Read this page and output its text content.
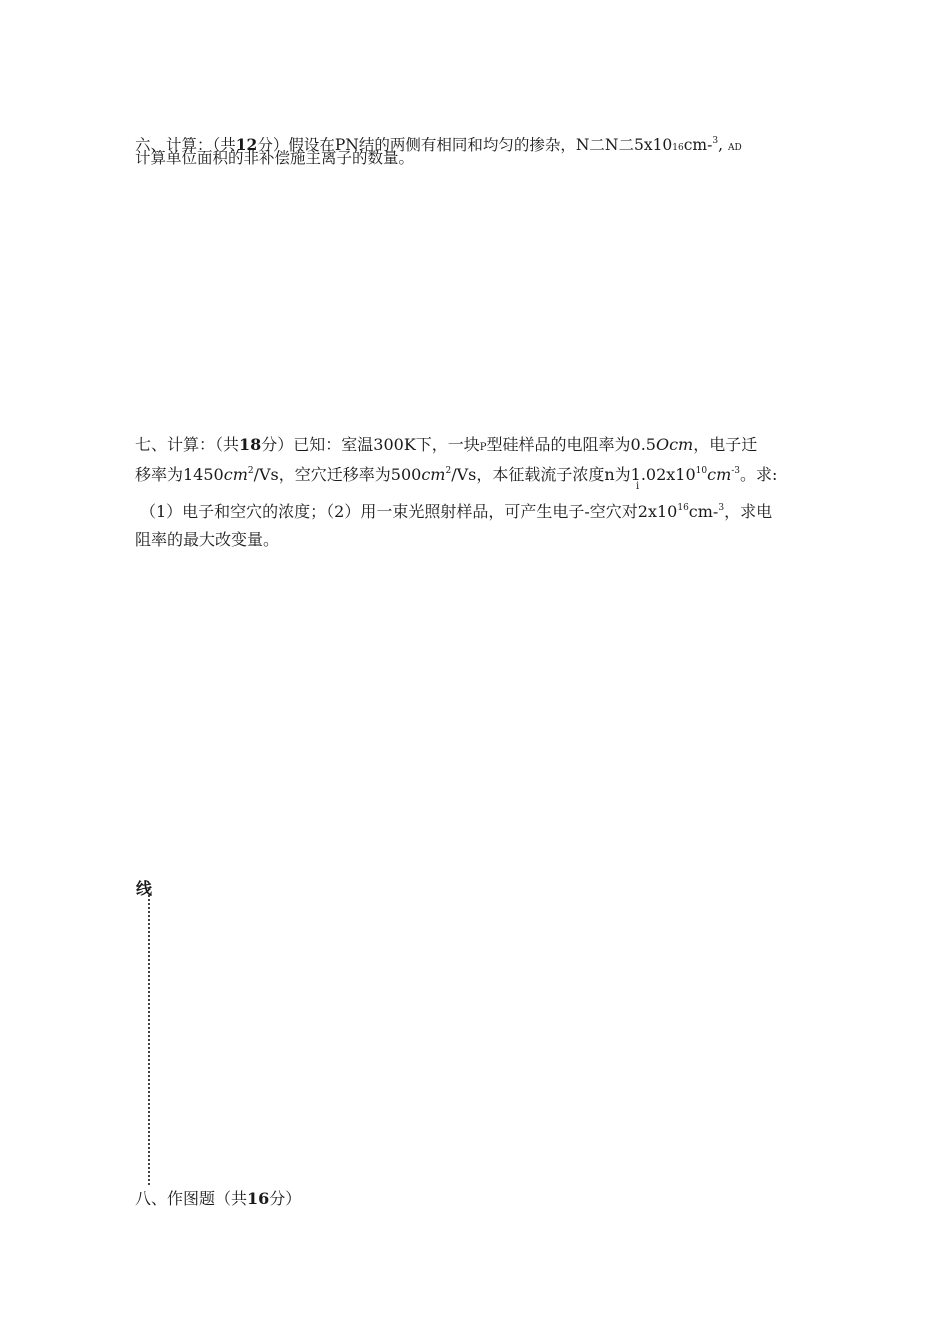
六、计算：（共12分）假设在PN结的两侧有相同和均匀的掺杂，N二N二5x1016cm-$^3$, AD
计算单位面积的非补偿施主离子的数量。
七、计算：（共18分）已知：室温300K下，一块P型硅样品的电阻率为0.5Ocm，电子迁
移率为$1450cm^2/Vs$，空穴迁移率为$500cm^2/Vs$，本征载流子浓度n为$1.02x10^{10}cm^{-3}$。求:
i
（1）电子和空穴的浓度；（2）用一束光照射样品，可产生电子-空穴对$2x10^{16}cm-^3$，求电
阻率的最大改变量。
线
八、作图题（共16分）
